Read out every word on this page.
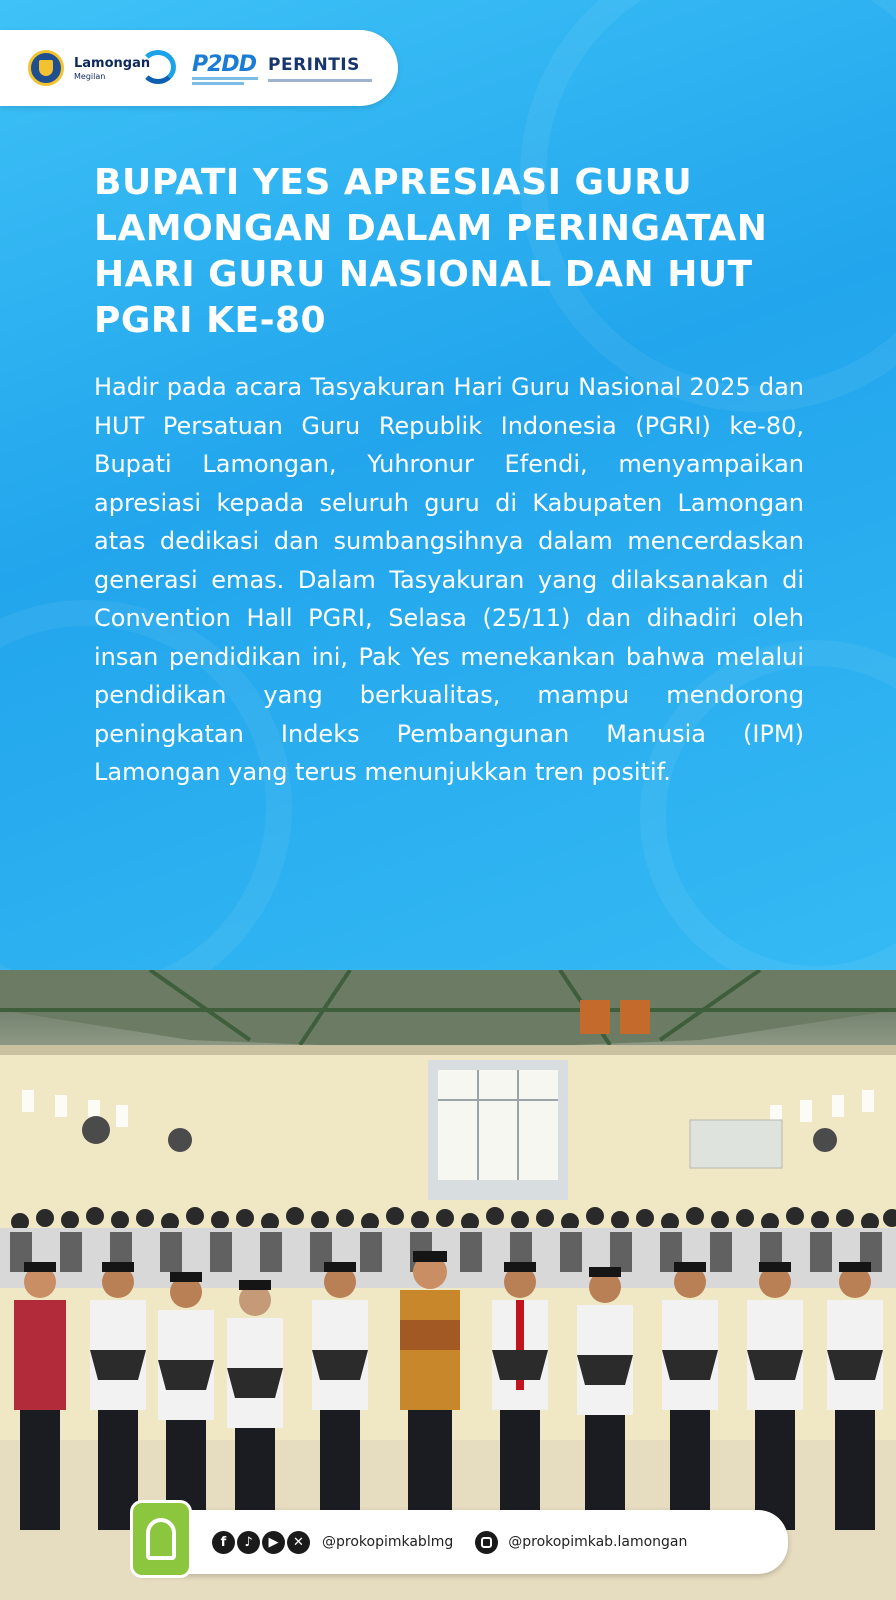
Lamongan
Megilan	P2DD PERINTIS
BUPATI YES APRESIASI GURU LAMONGAN DALAM PERINGATAN HARI GURU NASIONAL DAN HUT PGRI KE-80
Hadir pada acara Tasyakuran Hari Guru Nasional 2025 dan HUT Persatuan Guru Republik Indonesia (PGRI) ke-80, Bupati Lamongan, Yuhronur Efendi, menyampaikan apresiasi kepada seluruh guru di Kabupaten Lamongan atas dedikasi dan sumbangsihnya dalam mencerdaskan generasi emas. Dalam Tasyakuran yang dilaksanakan di Convention Hall PGRI, Selasa (25/11) dan dihadiri oleh insan pendidikan ini, Pak Yes menekankan bahwa melalui pendidikan yang berkualitas, mampu mendorong peningkatan Indeks Pembangunan Manusia (IPM) Lamongan yang terus menunjukkan tren positif.
f	♪	▶	✕	@prokopimkablmg	@prokopimkab.lamongan
